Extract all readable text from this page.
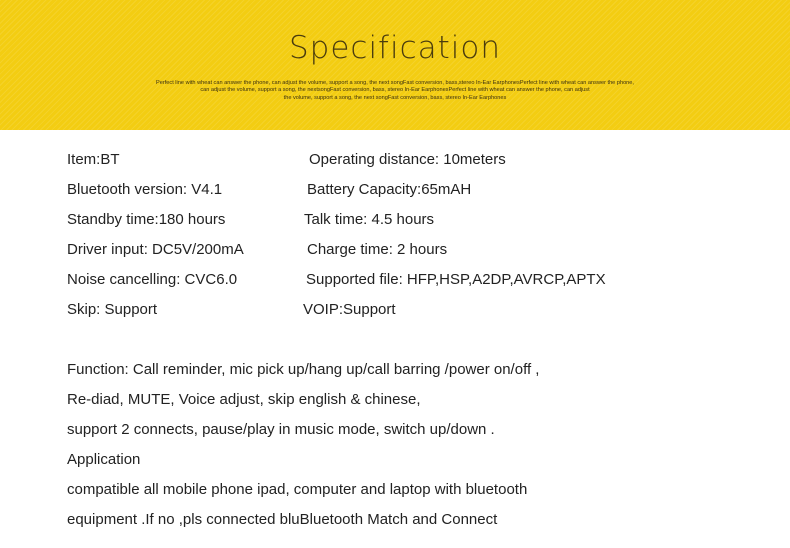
Specification
Perfect line with wheat can answer the phone, can adjust the volume, support a song, the next songFast conversion, bass,stereo In-Ear EarphonesPerfect line with wheat can answer the phone,
can adjust the volume, support a song, the nextsongFast conversion, bass, stereo In-Ear EarphonesPerfect line with wheat can answer the phone, can adjust
the volume, support a song, the next songFast conversion, bass, stereo In-Ear Earphones
Item:BT	Operating distance: 10meters
Bluetooth version: V4.1	Battery Capacity:65mAH
Standby time:180 hours	Talk time: 4.5 hours
Driver input: DC5V/200mA	Charge time: 2 hours
Noise cancelling: CVC6.0	Supported file: HFP,HSP,A2DP,AVRCP,APTX
Skip: Support	VOIP:Support
Function: Call reminder, mic pick up/hang up/call barring /power on/off ,
Re-diad, MUTE, Voice adjust, skip english & chinese,
support 2 connects, pause/play in music mode, switch up/down .
Application
compatible all mobile phone ipad, computer and laptop with bluetooth
equipment .If no ,pls connected bluBluetooth Match and Connect
